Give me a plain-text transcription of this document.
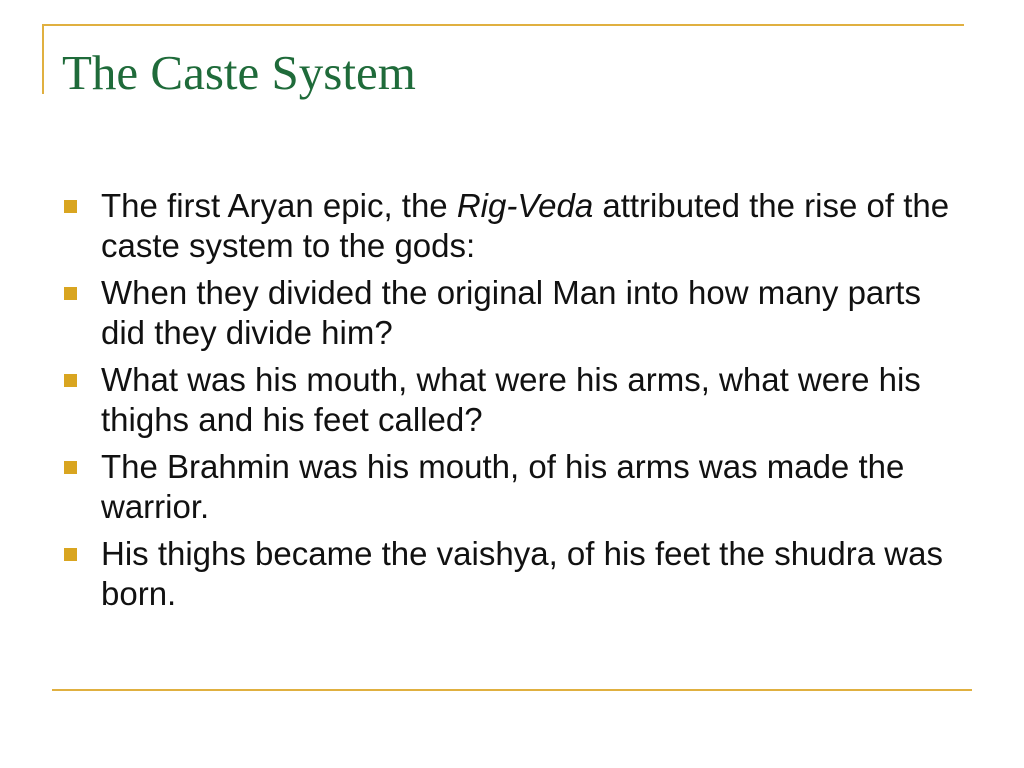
The Caste System
The first Aryan epic, the Rig-Veda attributed the rise of the caste system to the gods:
When they divided the original Man into how many parts did they divide him?
What was his mouth, what were his arms, what were his thighs and his feet called?
The Brahmin was his mouth, of his arms was made the warrior.
His thighs became the vaishya, of his feet the shudra was born.
